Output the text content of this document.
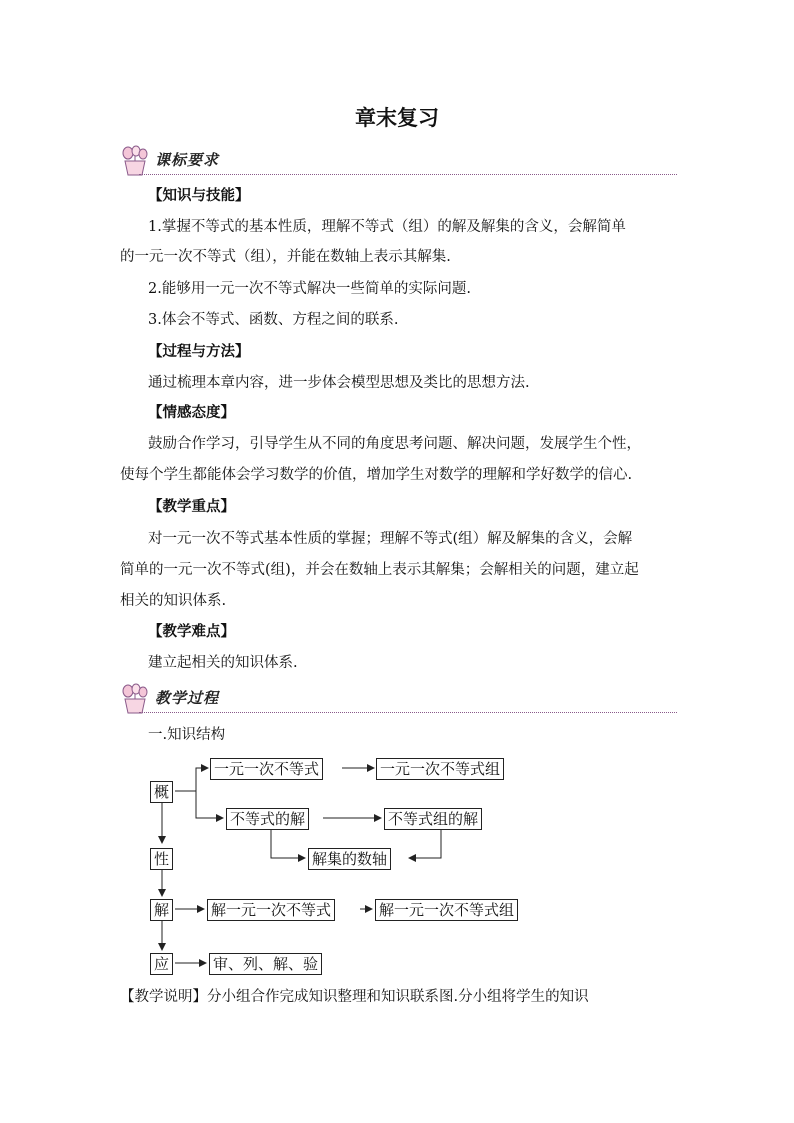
章末复习
课标要求
【知识与技能】
1.掌握不等式的基本性质，理解不等式（组）的解及解集的含义，会解简单
的一元一次不等式（组），并能在数轴上表示其解集.
2.能够用一元一次不等式解决一些简单的实际问题.
3.体会不等式、函数、方程之间的联系.
【过程与方法】
通过梳理本章内容，进一步体会模型思想及类比的思想方法.
【情感态度】
鼓励合作学习，引导学生从不同的角度思考问题、解决问题，发展学生个性，
使每个学生都能体会学习数学的价值，增加学生对数学的理解和学好数学的信心.
【教学重点】
对一元一次不等式基本性质的掌握；理解不等式(组）解及解集的含义，会解
简单的一元一次不等式(组)，并会在数轴上表示其解集；会解相关的问题，建立起
相关的知识体系.
【教学难点】
建立起相关的知识体系.
教学过程
一.知识结构
概
性
解
应
一元一次不等式	一元一次不等式组
不等式的解	不等式组的解
解集的数轴
解一元一次不等式	解一元一次不等式组
审、列、解、验
【教学说明】分小组合作完成知识整理和知识联系图.分小组将学生的知识
